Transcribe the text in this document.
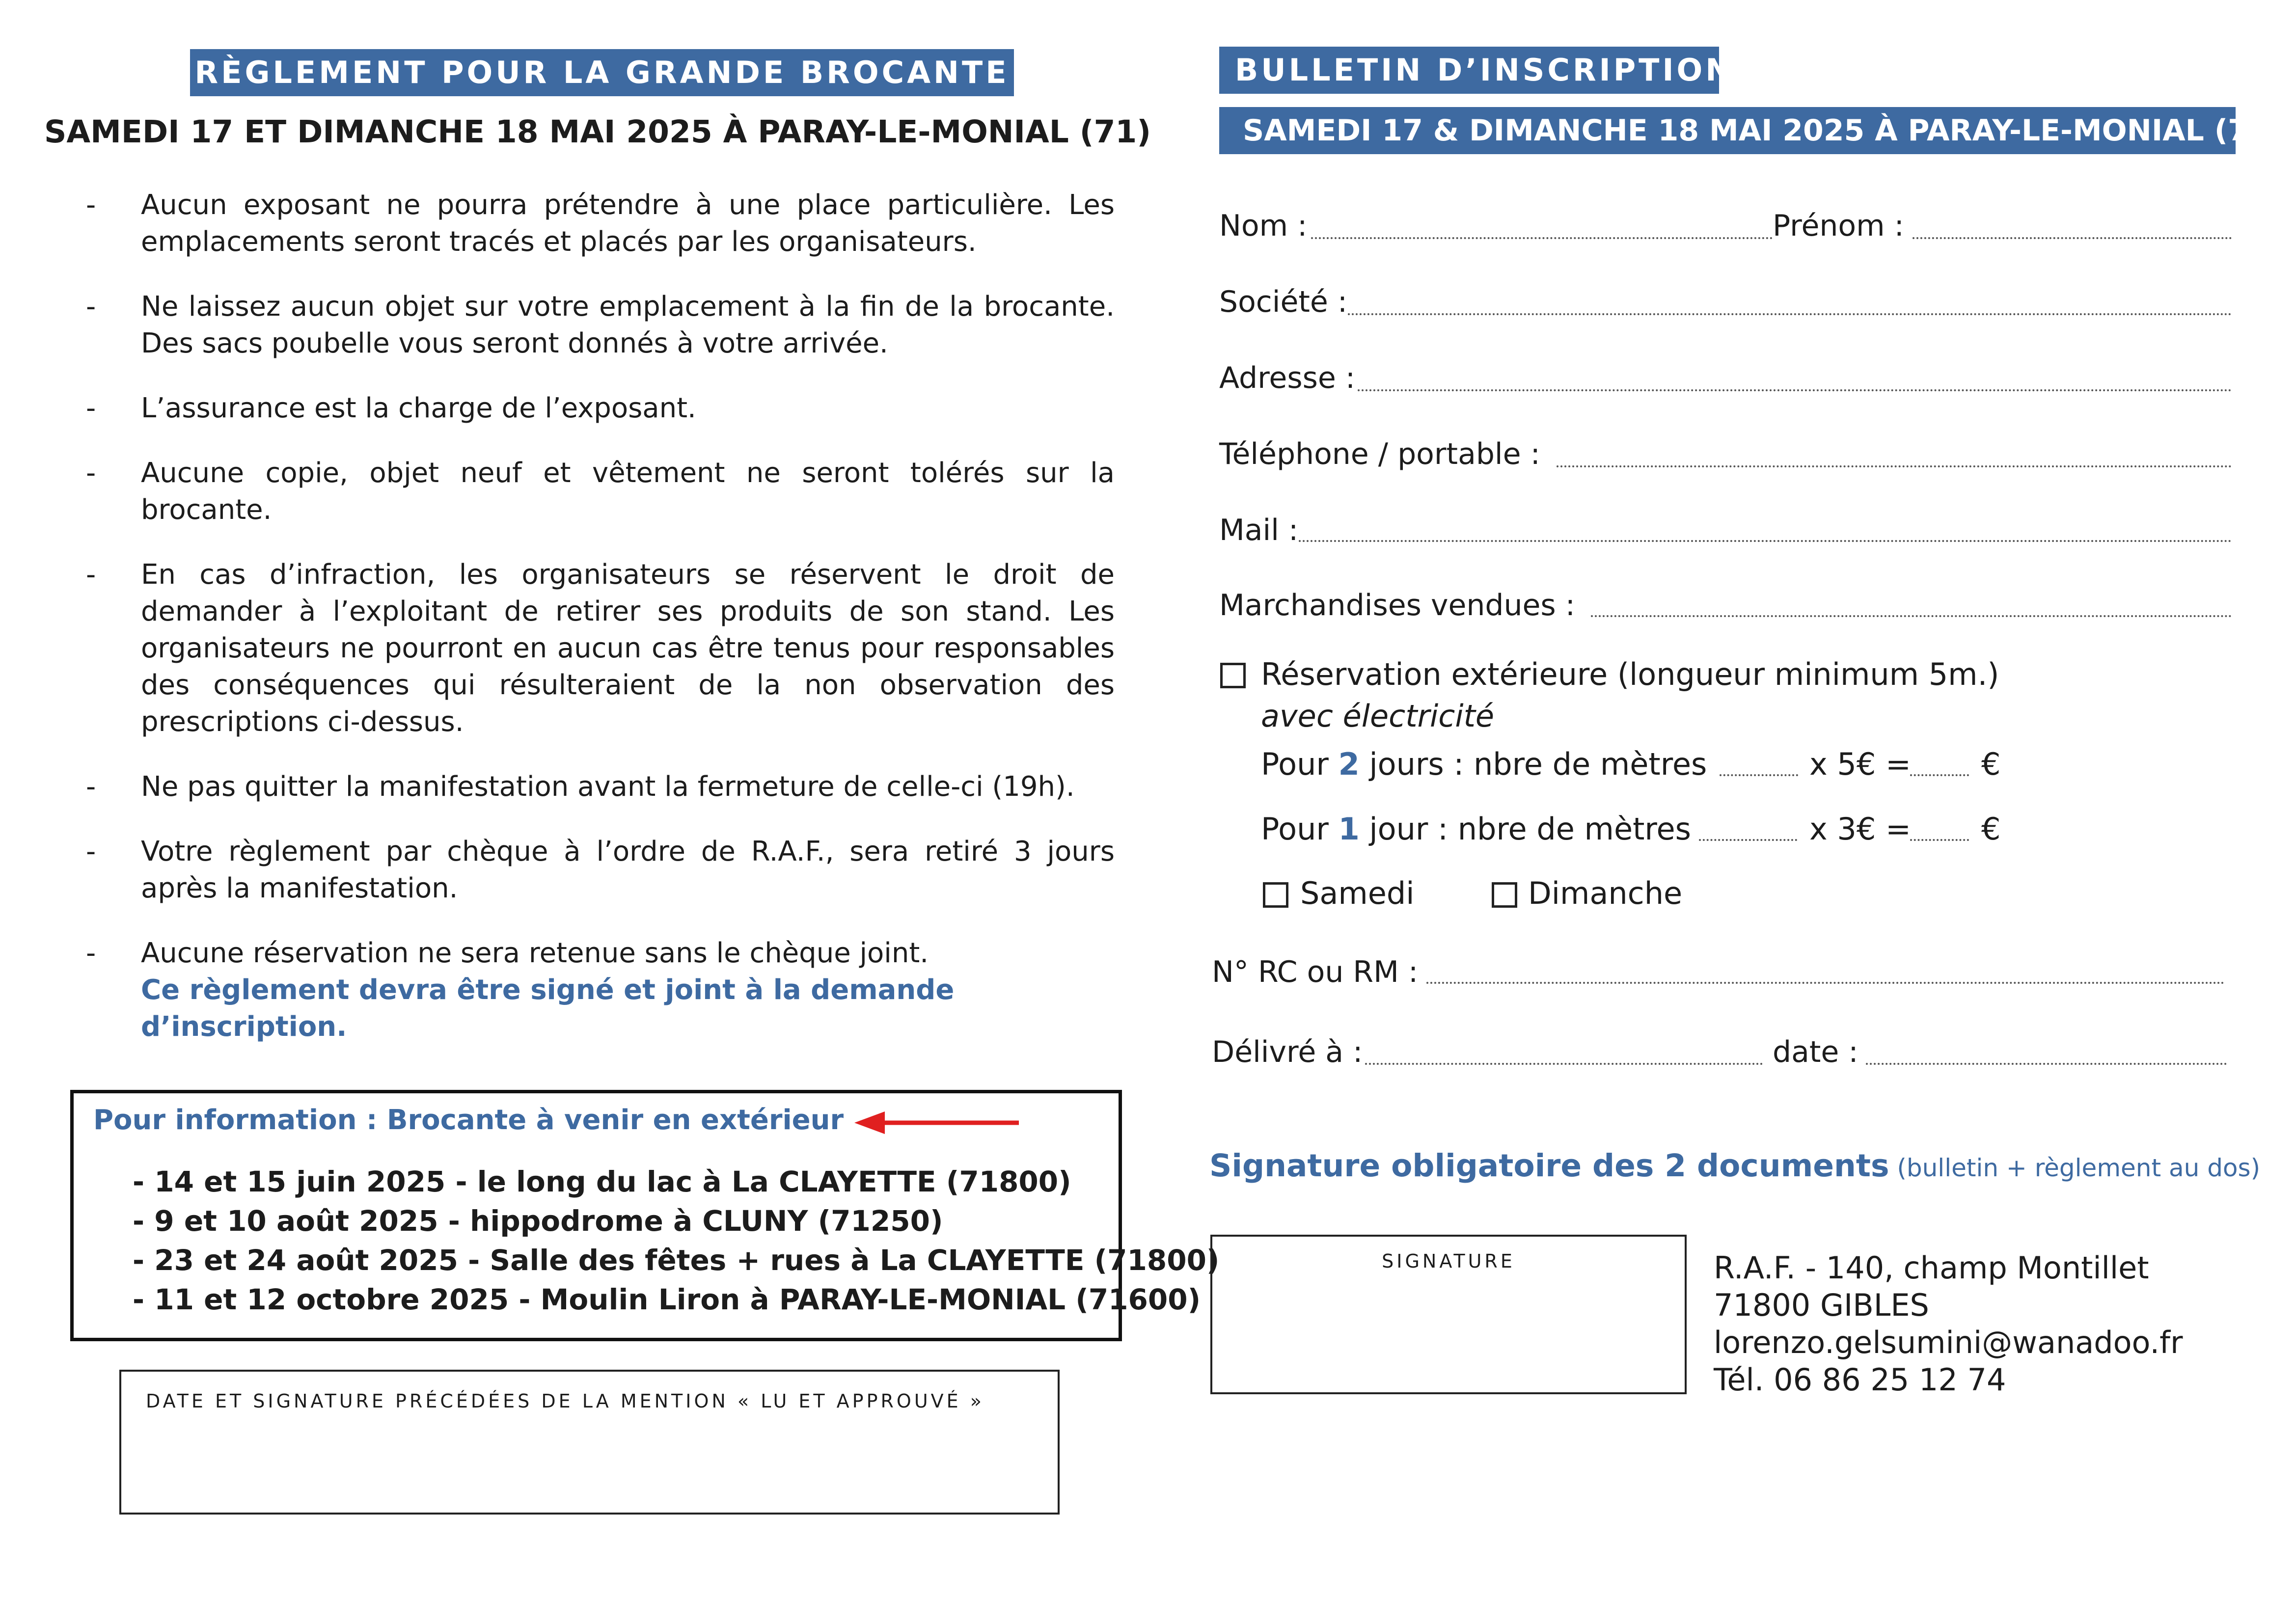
RÈGLEMENT POUR LA GRANDE BROCANTE
SAMEDI 17 ET DIMANCHE 18 MAI 2025 À PARAY-LE-MONIAL (71)
- Aucun exposant ne pourra prétendre à une place particulière. Les emplacements seront tracés et placés par les organisateurs.
- Ne laissez aucun objet sur votre emplacement à la fin de la brocante. Des sacs poubelle vous seront donnés à votre arrivée.
- L’assurance est la charge de l’exposant.
- Aucune copie, objet neuf et vêtement ne seront tolérés sur la brocante.
- En cas d’infraction, les organisateurs se réservent le droit de demander à l’exploitant de retirer ses produits de son stand. Les organisateurs ne pourront en aucun cas être tenus pour responsables des conséquences qui résulteraient de la non observation des prescriptions ci-dessus.
- Ne pas quitter la manifestation avant la fermeture de celle-ci (19h).
- Votre règlement par chèque à l’ordre de R.A.F., sera retiré 3 jours après la manifestation.
- Aucune réservation ne sera retenue sans le chèque joint.
Ce règlement devra être signé et joint à la demande d’inscription.
Pour information : Brocante à venir en extérieur
- 14 et 15 juin 2025 - le long du lac à La CLAYETTE (71800)
- 9 et 10 août 2025 - hippodrome à CLUNY (71250)
- 23 et 24 août 2025 - Salle des fêtes + rues à La CLAYETTE (71800)
- 11 et 12 octobre 2025 - Moulin Liron à PARAY-LE-MONIAL (71600)
DATE ET SIGNATURE PRÉCÉDÉES DE LA MENTION « LU ET APPROUVÉ »
BULLETIN D’INSCRIPTION
SAMEDI 17 & DIMANCHE 18 MAI 2025 À PARAY-LE-MONIAL (71)
Nom :	Prénom :
Société :
Adresse :
Téléphone / portable :
Mail :
Marchandises vendues :
Réservation extérieure (longueur minimum 5m.)
avec électricité
Pour 2 jours : nbre de mètres	x 5€ = €
Pour 1 jour : nbre de mètres	x 3€ = €
Samedi	Dimanche
N° RC ou RM :
Délivré à :	date :
Signature obligatoire des 2 documents (bulletin + règlement au dos)
SIGNATURE	R.A.F. - 140, champ Montillet
71800 GIBLES
lorenzo.gelsumini@wanadoo.fr
Tél. 06 86 25 12 74
